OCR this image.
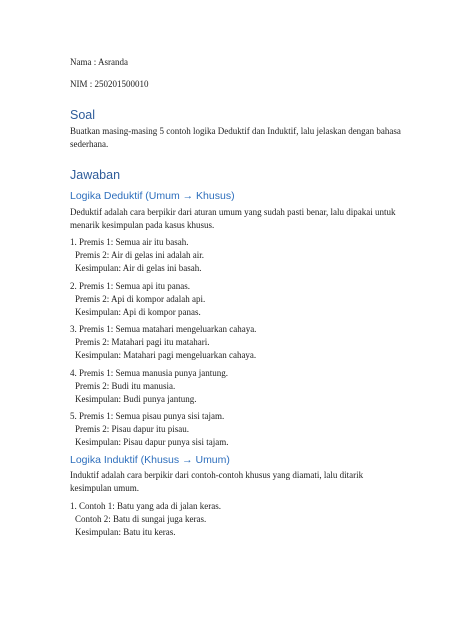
Nama : Asranda

NIM : 250201500010

Soal

Buatkan masing-masing 5 contoh logika Deduktif dan Induktif, lalu jelaskan dengan bahasa

sederhana.

Jawaban
Logika Deduktif (Umum → Khusus)

Deduktif adalah cara berpikir dari aturan umum yang sudah pasti benar, lalu dipakai untuk

menarik kesimpulan pada kasus khusus.

1. Premis 1: Semua air itu basah.

Premis 2: Air di gelas ini adalah air.

Kesimpulan: Air di gelas ini basah.

2. Premis 1: Semua api itu panas.

Premis 2: Api di kompor adalah api.

Kesimpulan: Api di kompor panas.

3. Premis 1: Semua matahari mengeluarkan cahaya.

Premis 2: Matahari pagi itu matahari.

Kesimpulan: Matahari pagi mengeluarkan cahaya.

4. Premis 1: Semua manusia punya jantung.

Premis 2: Budi itu manusia.

Kesimpulan: Budi punya jantung.

5. Premis 1: Semua pisau punya sisi tajam.

Premis 2: Pisau dapur itu pisau.

Kesimpulan: Pisau dapur punya sisi tajam.

Logika Induktif (Khusus → Umum)

Induktif adalah cara berpikir dari contoh-contoh khusus yang diamati, lalu ditarik

kesimpulan umum.

1. Contoh 1: Batu yang ada di jalan keras.

Contoh 2: Batu di sungai juga keras.

Kesimpulan: Batu itu keras.
